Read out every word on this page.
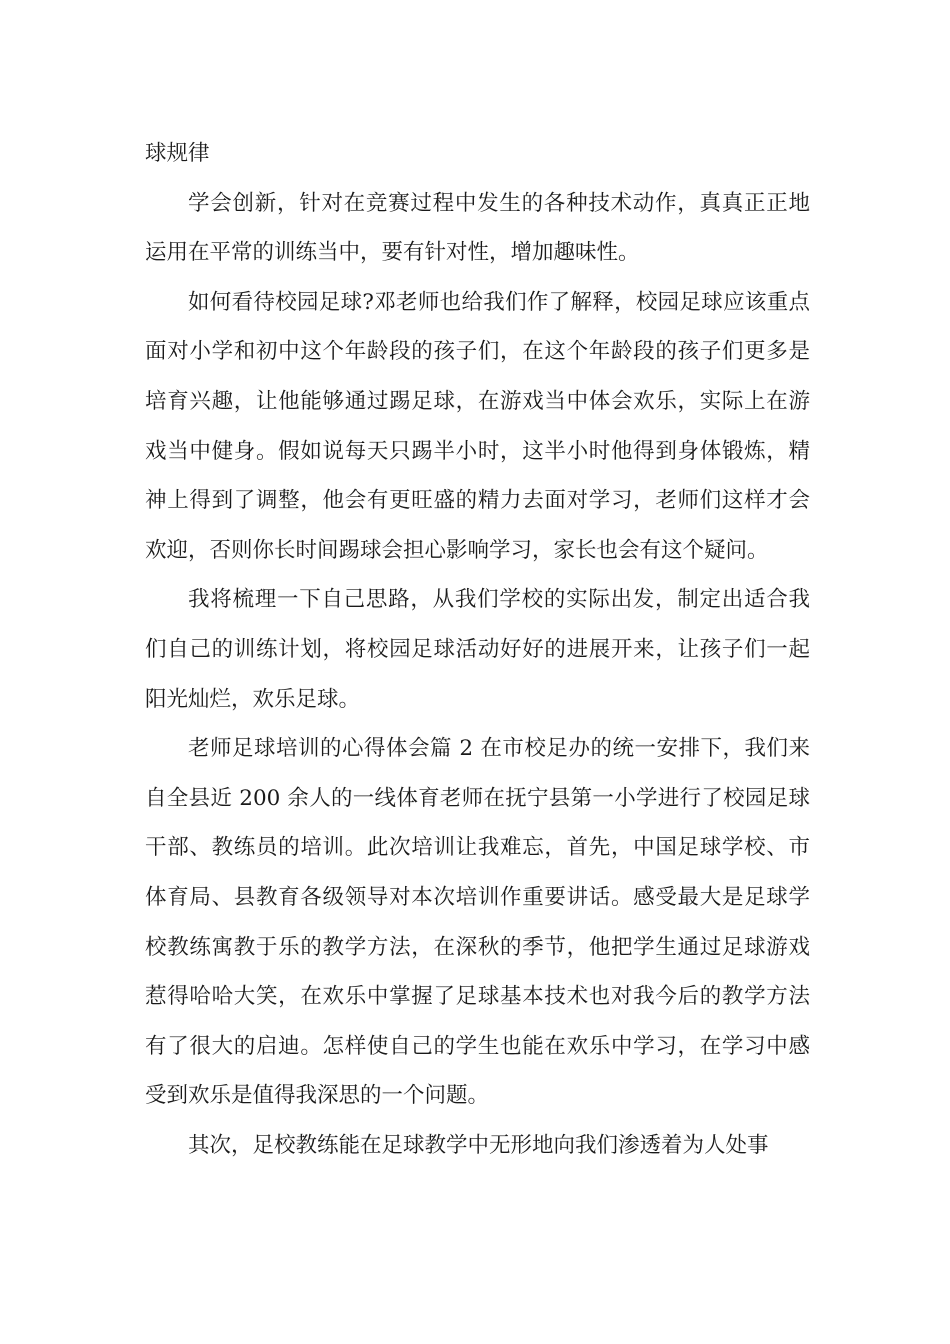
球规律

学会创新，针对在竞赛过程中发生的各种技术动作，真真正正地运用在平常的训练当中，要有针对性，增加趣味性。

如何看待校园足球?邓老师也给我们作了解释，校园足球应该重点面对小学和初中这个年龄段的孩子们，在这个年龄段的孩子们更多是培育兴趣，让他能够通过踢足球，在游戏当中体会欢乐，实际上在游戏当中健身。假如说每天只踢半小时，这半小时他得到身体锻炼，精神上得到了调整，他会有更旺盛的精力去面对学习，老师们这样才会欢迎，否则你长时间踢球会担心影响学习，家长也会有这个疑问。

我将梳理一下自己思路，从我们学校的实际出发，制定出适合我们自己的训练计划，将校园足球活动好好的进展开来，让孩子们一起阳光灿烂，欢乐足球。

老师足球培训的心得体会篇 2 在市校足办的统一安排下，我们来自全县近 200 余人的一线体育老师在抚宁县第一小学进行了校园足球干部、教练员的培训。此次培训让我难忘，首先，中国足球学校、市体育局、县教育各级领导对本次培训作重要讲话。感受最大是足球学校教练寓教于乐的教学方法，在深秋的季节，他把学生通过足球游戏惹得哈哈大笑，在欢乐中掌握了足球基本技术也对我今后的教学方法有了很大的启迪。怎样使自己的学生也能在欢乐中学习，在学习中感受到欢乐是值得我深思的一个问题。

其次，足校教练能在足球教学中无形地向我们渗透着为人处事
